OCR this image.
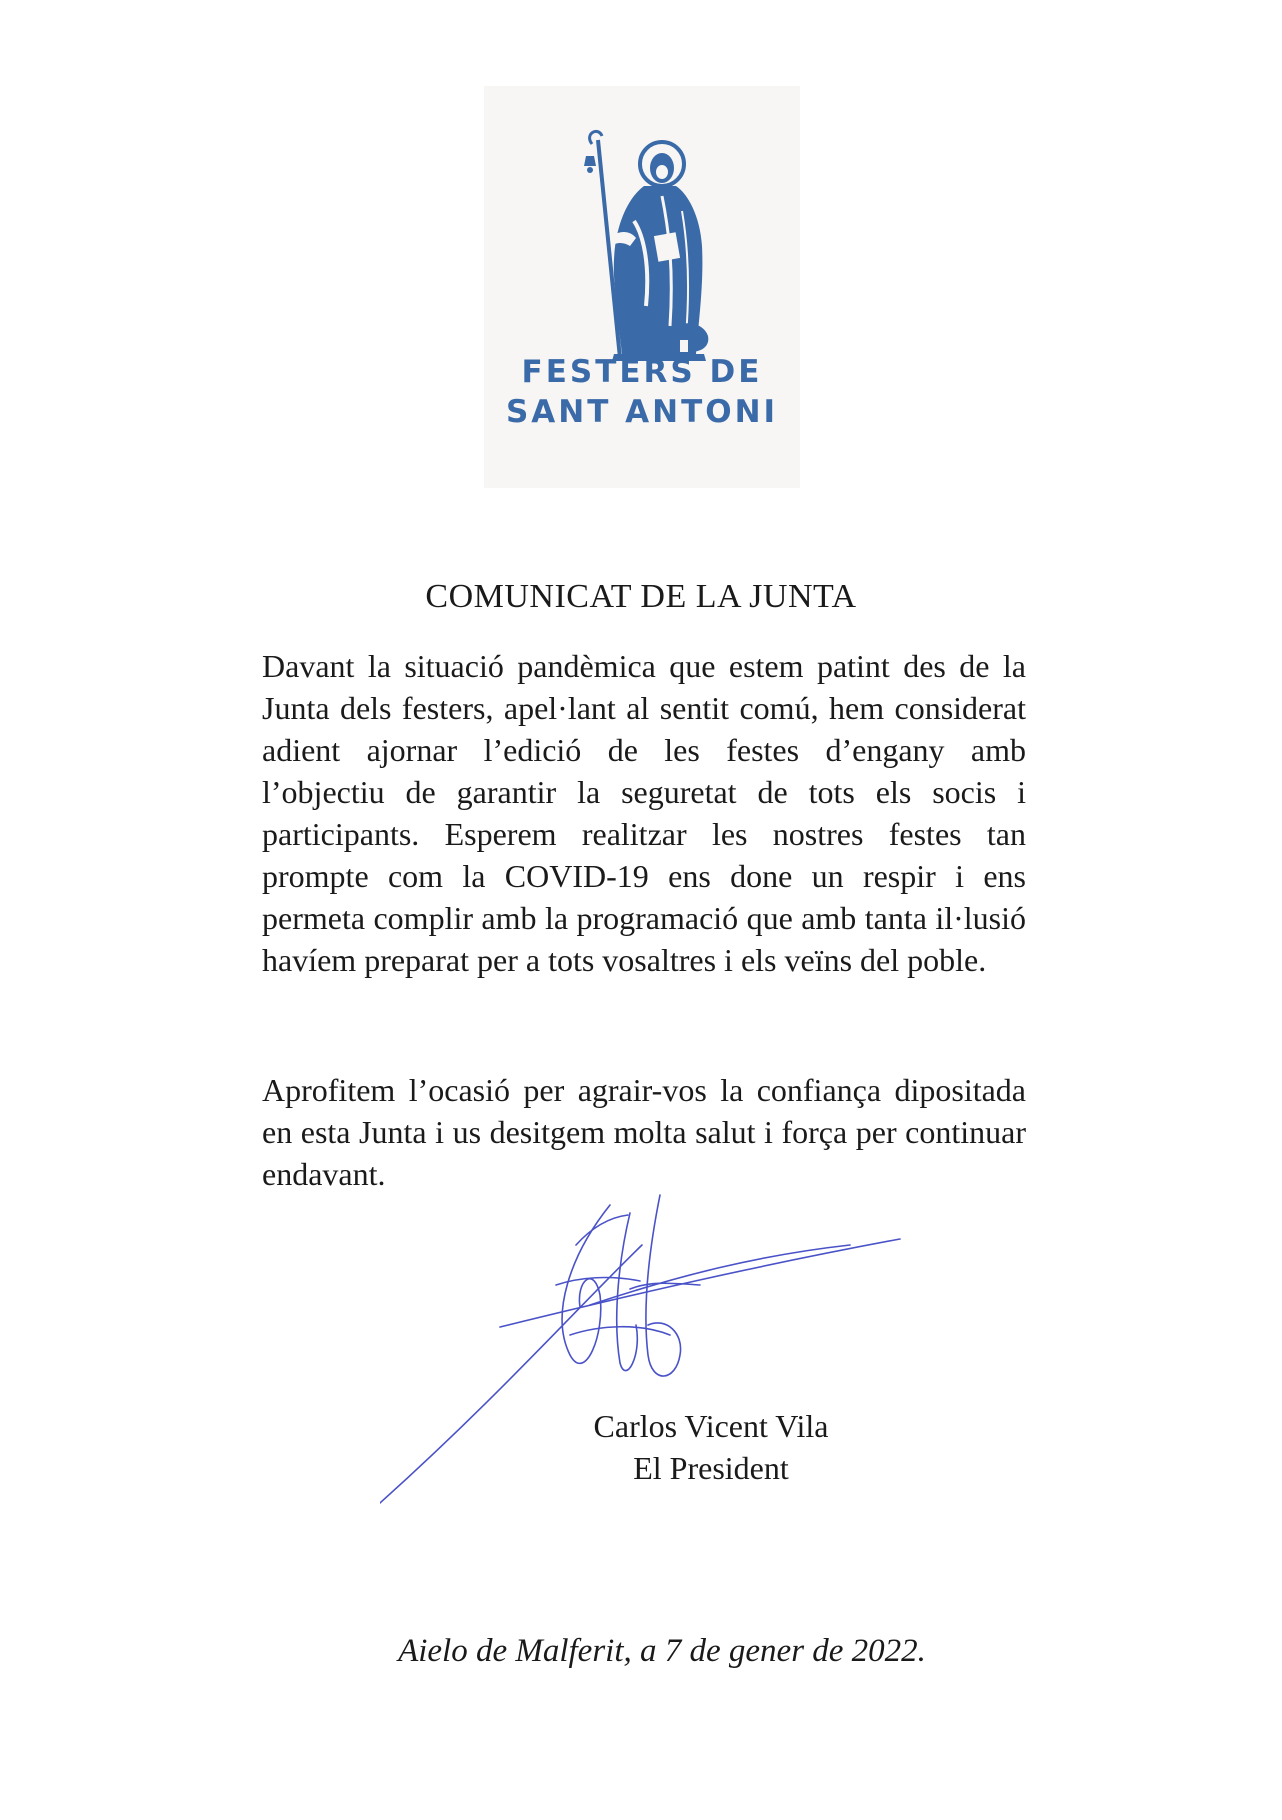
FESTERS DE
SANT ANTONI
COMUNICAT DE LA JUNTA

Davant la situació pandèmica que estem patint des de la Junta dels festers, apel·lant al sentit comú, hem considerat adient ajornar l’edició de les festes d’engany amb l’objectiu de garantir la seguretat de tots els socis i participants. Esperem realitzar les nostres festes tan prompte com la COVID-19 ens done un respir i ens permeta complir amb la programació que amb tanta il·lusió havíem preparat per a tots vosaltres i els veïns del poble.

Aprofitem l’ocasió per agrair-vos la confiança dipositada en esta Junta i us desitgem molta salut i força per continuar endavant.

Carlos Vicent Vila
El President
Aielo de Malferit, a 7 de gener de 2022.
